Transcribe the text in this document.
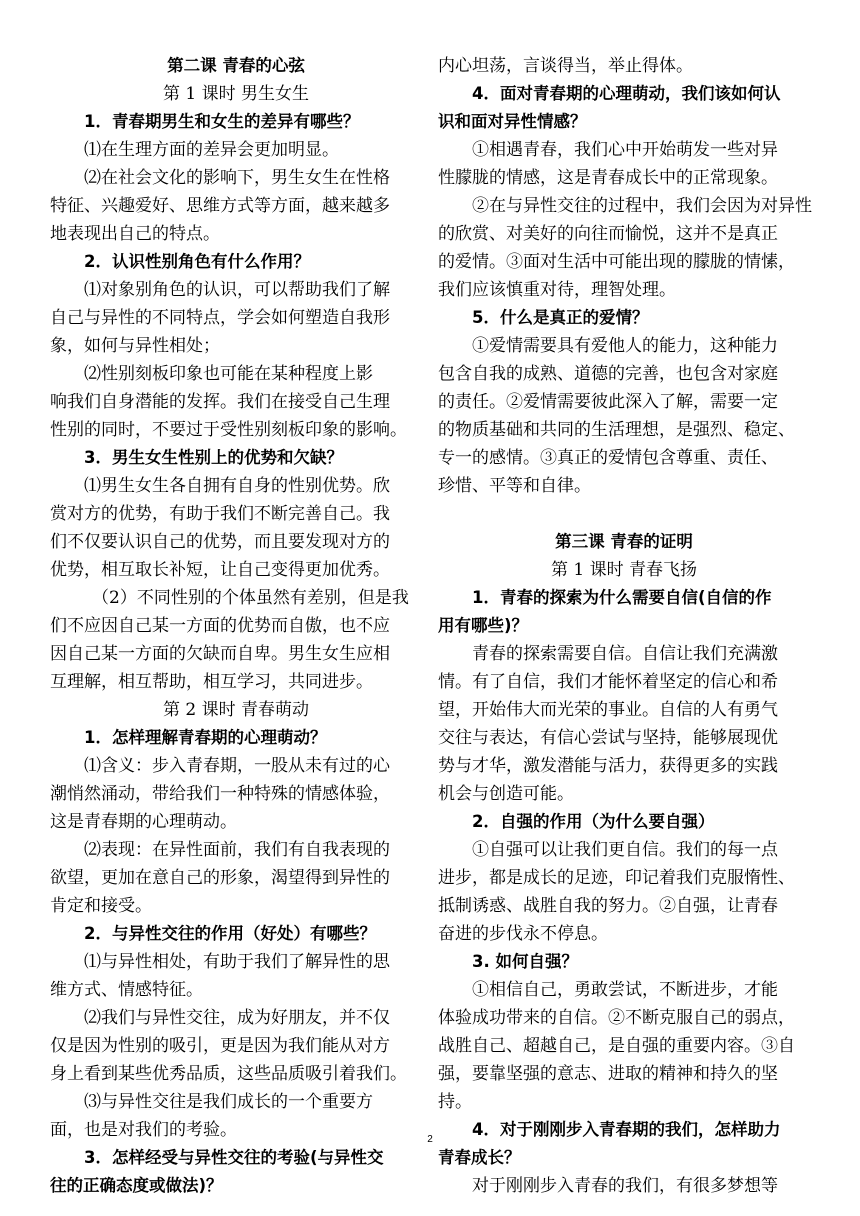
第二课 青春的心弦
第 1 课时 男生女生
1．青春期男生和女生的差异有哪些？
⑴在生理方面的差异会更加明显。
⑵在社会文化的影响下，男生女生在性格
特征、兴趣爱好、思维方式等方面，越来越多
地表现出自己的特点。
2．认识性别角色有什么作用？
⑴对象别角色的认识，可以帮助我们了解
自己与异性的不同特点，学会如何塑造自我形
象，如何与异性相处；
⑵性别刻板印象也可能在某种程度上影
响我们自身潜能的发挥。我们在接受自己生理
性别的同时，不要过于受性别刻板印象的影响。
3．男生女生性别上的优势和欠缺？
⑴男生女生各自拥有自身的性别优势。欣
赏对方的优势，有助于我们不断完善自己。我
们不仅要认识自己的优势，而且要发现对方的
优势，相互取长补短，让自己变得更加优秀。
（2）不同性别的个体虽然有差别，但是我
们不应因自己某一方面的优势而自傲，也不应
因自己某一方面的欠缺而自卑。男生女生应相
互理解，相互帮助，相互学习，共同进步。
第 2 课时 青春萌动
1．怎样理解青春期的心理萌动？
⑴含义：步入青春期，一股从未有过的心
潮悄然涌动，带给我们一种特殊的情感体验，
这是青春期的心理萌动。
⑵表现：在异性面前，我们有自我表现的
欲望，更加在意自己的形象，渴望得到异性的
肯定和接受。
2．与异性交往的作用（好处）有哪些？
⑴与异性相处，有助于我们了解异性的思
维方式、情感特征。
⑵我们与异性交往，成为好朋友，并不仅
仅是因为性别的吸引，更是因为我们能从对方
身上看到某些优秀品质，这些品质吸引着我们。
⑶与异性交往是我们成长的一个重要方
面，也是对我们的考验。
3．怎样经受与异性交往的考验(与异性交
往的正确态度或做法)？
内心坦荡，言谈得当，举止得体。
4．面对青春期的心理萌动，我们该如何认
识和面对异性情感？
①相遇青春，我们心中开始萌发一些对异
性朦胧的情感，这是青春成长中的正常现象。
②在与异性交往的过程中，我们会因为对异性
的欣赏、对美好的向往而愉悦，这并不是真正
的爱情。③面对生活中可能出现的朦胧的情愫，
我们应该慎重对待，理智处理。
5．什么是真正的爱情？
①爱情需要具有爱他人的能力，这种能力
包含自我的成熟、道德的完善，也包含对家庭
的责任。②爱情需要彼此深入了解，需要一定
的物质基础和共同的生活理想，是强烈、稳定、
专一的感情。③真正的爱情包含尊重、责任、
珍惜、平等和自律。
第三课 青春的证明
第 1 课时 青春飞扬
1．青春的探索为什么需要自信(自信的作
用有哪些)？
青春的探索需要自信。自信让我们充满激
情。有了自信，我们才能怀着坚定的信心和希
望，开始伟大而光荣的事业。自信的人有勇气
交往与表达，有信心尝试与坚持，能够展现优
势与才华，激发潜能与活力，获得更多的实践
机会与创造可能。
2．自强的作用（为什么要自强）
①自强可以让我们更自信。我们的每一点
进步，都是成长的足迹，印记着我们克服惰性、
抵制诱惑、战胜自我的努力。②自强，让青春
奋进的步伐永不停息。
3. 如何自强？
①相信自己，勇敢尝试，不断进步，才能
体验成功带来的自信。②不断克服自己的弱点，
战胜自己、超越自己，是自强的重要内容。③自
强，要靠坚强的意志、进取的精神和持久的坚
持。
4．对于刚刚步入青春期的我们，怎样助力
青春成长？
对于刚刚步入青春的我们，有很多梦想等
2
